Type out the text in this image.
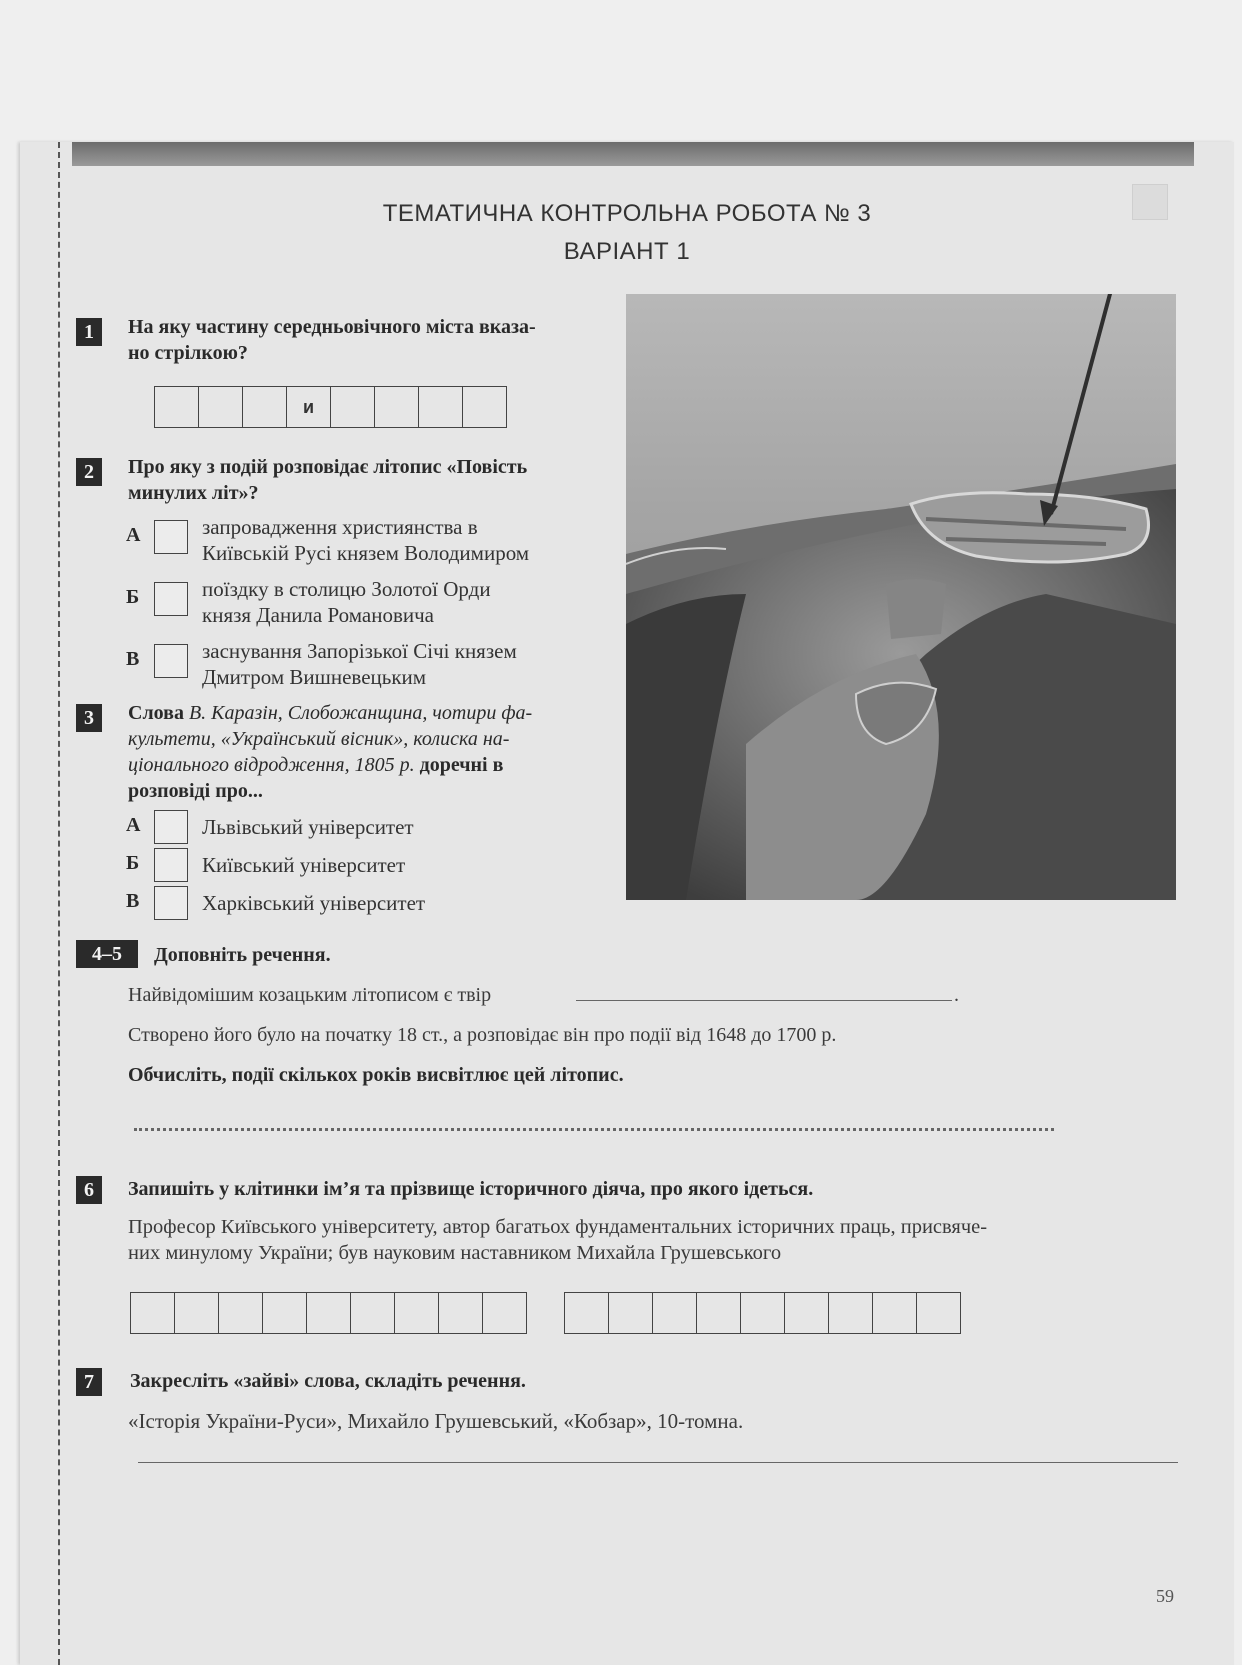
ТЕМАТИЧНА КОНТРОЛЬНА РОБОТА № 3
ВАРІАНТ 1
1	На яку частину середньовічного міста вказа-
но стрілкою?
и
2	Про яку з подій розповідає літопис «Повість
минулих літ»?
А	запровадження християнства в
Київській Русі князем Володимиром
Б	поїздку в столицю Золотої Орди
князя Данила Романовича
В	заснування Запорізької Січі князем
Дмитром Вишневецьким
3	Слова В. Каразін, Слобожанщина, чотири фа-
культети, «Український вісник», колиска на-
ціонального відродження, 1805 р. доречні в
розповіді про...
А	Львівський університет
Б	Київський університет
В	Харківський університет
4–5	Доповніть речення.
Найвідомішим козацьким літописом є твір	.
Створено його було на початку 18 ст., а розповідає він про події від 1648 до 1700 р.
Обчисліть, події скількох років висвітлює цей літопис.
6	Запишіть у клітинки ім’я та прізвище історичного діяча, про якого ідеться.
Професор Київського університету, автор багатьох фундаментальних історичних праць, присвяче-
них минулому України; був науковим наставником Михайла Грушевського
7	Закресліть «зайві» слова, складіть речення.
«Історія України-Руси», Михайло Грушевський, «Кобзар», 10-томна.
59
